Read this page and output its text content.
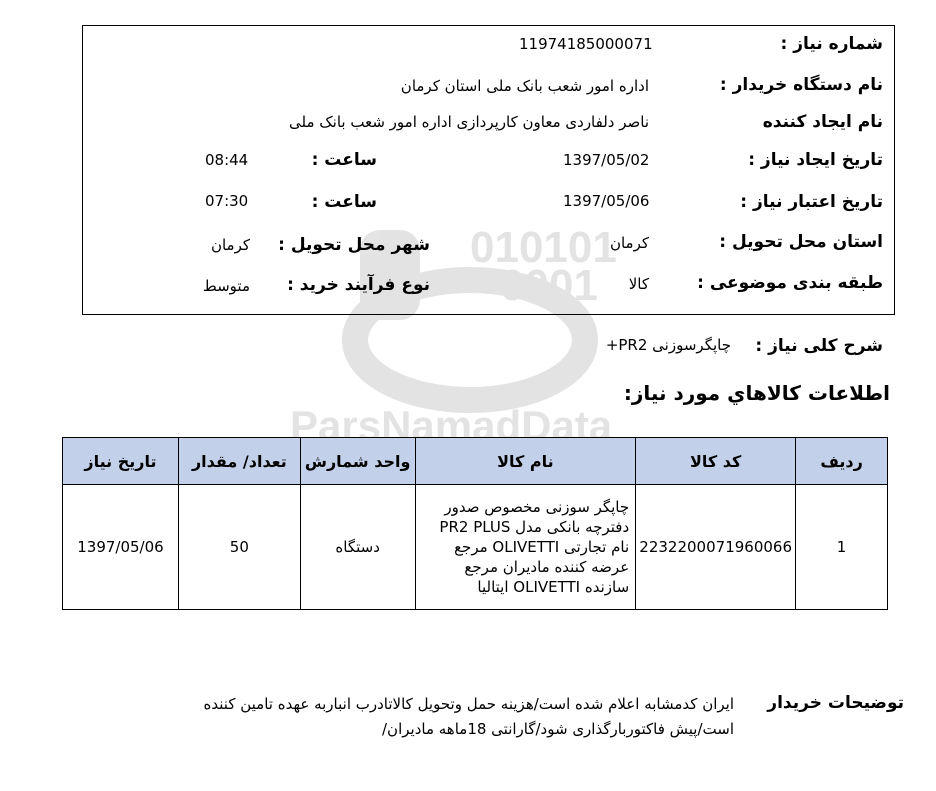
010101
0001
ParsNamadData
شماره نیاز :
11974185000071
نام دستگاه خریدار :
اداره امور شعب بانک ملی استان کرمان
نام ایجاد کننده
ناصر دلفاردی معاون کارپردازی اداره امور شعب بانک ملی
تاریخ ایجاد نیاز :
1397/05/02
ساعت :
08:44
تاریخ اعتبار نیاز :
1397/05/06
ساعت :
07:30
استان محل تحویل :
کرمان
شهر محل تحویل :
کرمان
طبقه بندی موضوعی :
کالا
نوع فرآیند خرید :
متوسط
شرح کلی نیاز :
چاپگرسوزنی PR2+
اطلاعات كالاهاي مورد نياز:
ردیف	کد کالا	نام کالا	واحد شمارش	تعداد/ مقدار	تاریخ نیاز
1	2232200071960066	چاپگر سوزنی مخصوص صدور دفترچه بانکی مدل PR2 PLUS نام تجارتی OLIVETTI مرجع عرضه کننده مادیران مرجع سازنده OLIVETTI ایتالیا	دستگاه	50	1397/05/06
توضیحات خریدار
ایران کدمشابه اعلام شده است/هزینه حمل وتحویل کالاتادرب انباربه عهده تامین کننده
است/پیش فاکتوربارگذاری شود/گارانتی 18ماهه مادیران/
